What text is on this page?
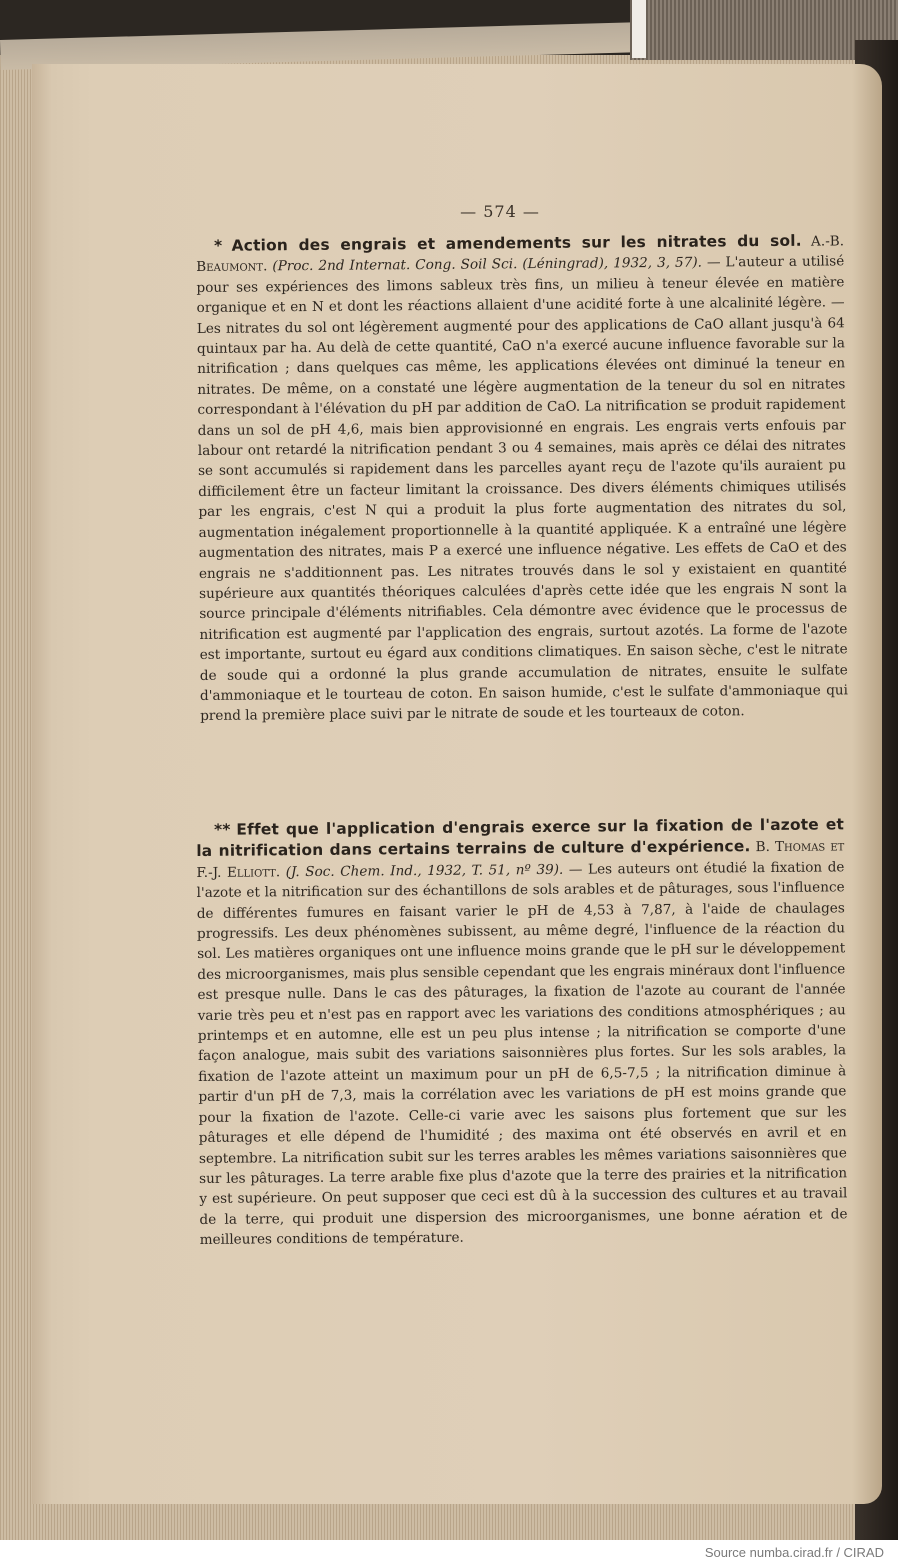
— 574 —
* Action des engrais et amendements sur les nitrates du sol. A.-B. Beaumont. (Proc. 2nd Internat. Cong. Soil Sci. (Léningrad), 1932, 3, 57). — L'auteur a utilisé pour ses expériences des limons sableux très fins, un milieu à teneur élevée en matière organique et en N et dont les réactions allaient d'une acidité forte à une alcalinité légère. — Les nitrates du sol ont légèrement augmenté pour des applications de CaO allant jusqu'à 64 quintaux par ha. Au delà de cette quantité, CaO n'a exercé aucune influence favorable sur la nitrification ; dans quelques cas même, les applications élevées ont diminué la teneur en nitrates. De même, on a constaté une légère augmentation de la teneur du sol en nitrates correspondant à l'élévation du pH par addition de CaO. La nitrification se produit rapidement dans un sol de pH 4,6, mais bien approvisionné en engrais. Les engrais verts enfouis par labour ont retardé la nitrification pendant 3 ou 4 semaines, mais après ce délai des nitrates se sont accumulés si rapidement dans les parcelles ayant reçu de l'azote qu'ils auraient pu difficilement être un facteur limitant la croissance. Des divers éléments chimiques utilisés par les engrais, c'est N qui a produit la plus forte augmentation des nitrates du sol, augmentation inégalement proportionnelle à la quantité appliquée. K a entraîné une légère augmentation des nitrates, mais P a exercé une influence négative. Les effets de CaO et des engrais ne s'additionnent pas. Les nitrates trouvés dans le sol y existaient en quantité supérieure aux quantités théoriques calculées d'après cette idée que les engrais N sont la source principale d'éléments nitrifiables. Cela démontre avec évidence que le processus de nitrification est augmenté par l'application des engrais, surtout azotés. La forme de l'azote est importante, surtout eu égard aux conditions climatiques. En saison sèche, c'est le nitrate de soude qui a ordonné la plus grande accumulation de nitrates, ensuite le sulfate d'ammoniaque et le tourteau de coton. En saison humide, c'est le sulfate d'ammoniaque qui prend la première place suivi par le nitrate de soude et les tourteaux de coton.
** Effet que l'application d'engrais exerce sur la fixation de l'azote et la nitrification dans certains terrains de culture d'expérience. B. Thomas et F.-J. Elliott. (J. Soc. Chem. Ind., 1932, T. 51, nº 39). — Les auteurs ont étudié la fixation de l'azote et la nitrification sur des échantillons de sols arables et de pâturages, sous l'influence de différentes fumures en faisant varier le pH de 4,53 à 7,87, à l'aide de chaulages progressifs. Les deux phénomènes subissent, au même degré, l'influence de la réaction du sol. Les matières organiques ont une influence moins grande que le pH sur le développement des microorganismes, mais plus sensible cependant que les engrais minéraux dont l'influence est presque nulle. Dans le cas des pâturages, la fixation de l'azote au courant de l'année varie très peu et n'est pas en rapport avec les variations des conditions atmosphériques ; au printemps et en automne, elle est un peu plus intense ; la nitrification se comporte d'une façon analogue, mais subit des variations saisonnières plus fortes. Sur les sols arables, la fixation de l'azote atteint un maximum pour un pH de 6,5-7,5 ; la nitrification diminue à partir d'un pH de 7,3, mais la corrélation avec les variations de pH est moins grande que pour la fixation de l'azote. Celle-ci varie avec les saisons plus fortement que sur les pâturages et elle dépend de l'humidité ; des maxima ont été observés en avril et en septembre. La nitrification subit sur les terres arables les mêmes variations saisonnières que sur les pâturages. La terre arable fixe plus d'azote que la terre des prairies et la nitrification y est supérieure. On peut supposer que ceci est dû à la succession des cultures et au travail de la terre, qui produit une dispersion des microorganismes, une bonne aération et de meilleures conditions de température.
Source numba.cirad.fr / CIRAD
